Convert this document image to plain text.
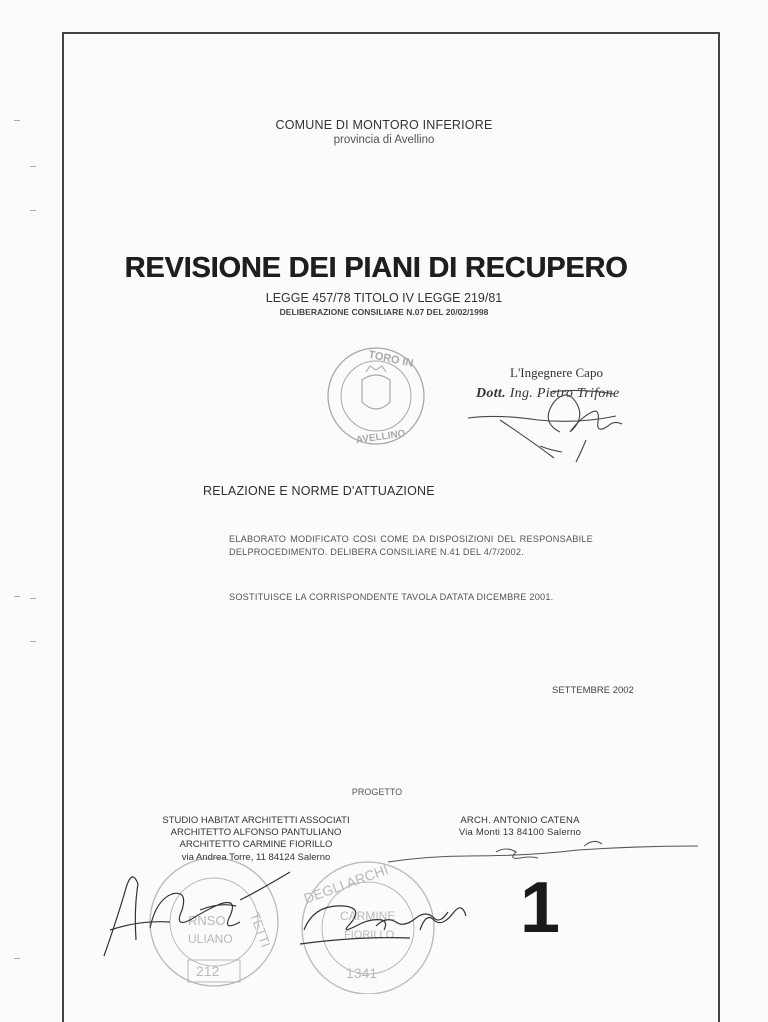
COMUNE DI MONTORO INFERIORE

provincia di Avellino

REVISIONE DEI PIANI DI RECUPERO

LEGGE 457/78 TITOLO IV LEGGE 219/81

DELIBERAZIONE CONSILIARE N.07 DEL 20/02/1998

L'Ingegnere Capo

Dott. Ing. Pietro Trifone

RELAZIONE E NORME D'ATTUAZIONE

ELABORATO MODIFICATO COSI COME DA DISPOSIZIONI DEL RESPONSABILE DELPROCEDIMENTO. DELIBERA CONSILIARE N.41 DEL 4/7/2002.

SOSTITUISCE LA CORRISPONDENTE TAVOLA DATATA DICEMBRE 2001.

SETTEMBRE 2002

PROGETTO

STUDIO HABITAT ARCHITETTI ASSOCIATI
ARCHITETTO ALFONSO PANTULIANO
ARCHITETTO CARMINE FIORILLO
via Andrea Torre, 11 84124 Salerno
ARCH. ANTONIO CATENA
Via Monti 13 84100 Salerno

1

TORO IN
AVELLINO
212
RNSO
ULIANO TETTI
DEGLI ARCHI
CARMINE
FIORILLO
1341
